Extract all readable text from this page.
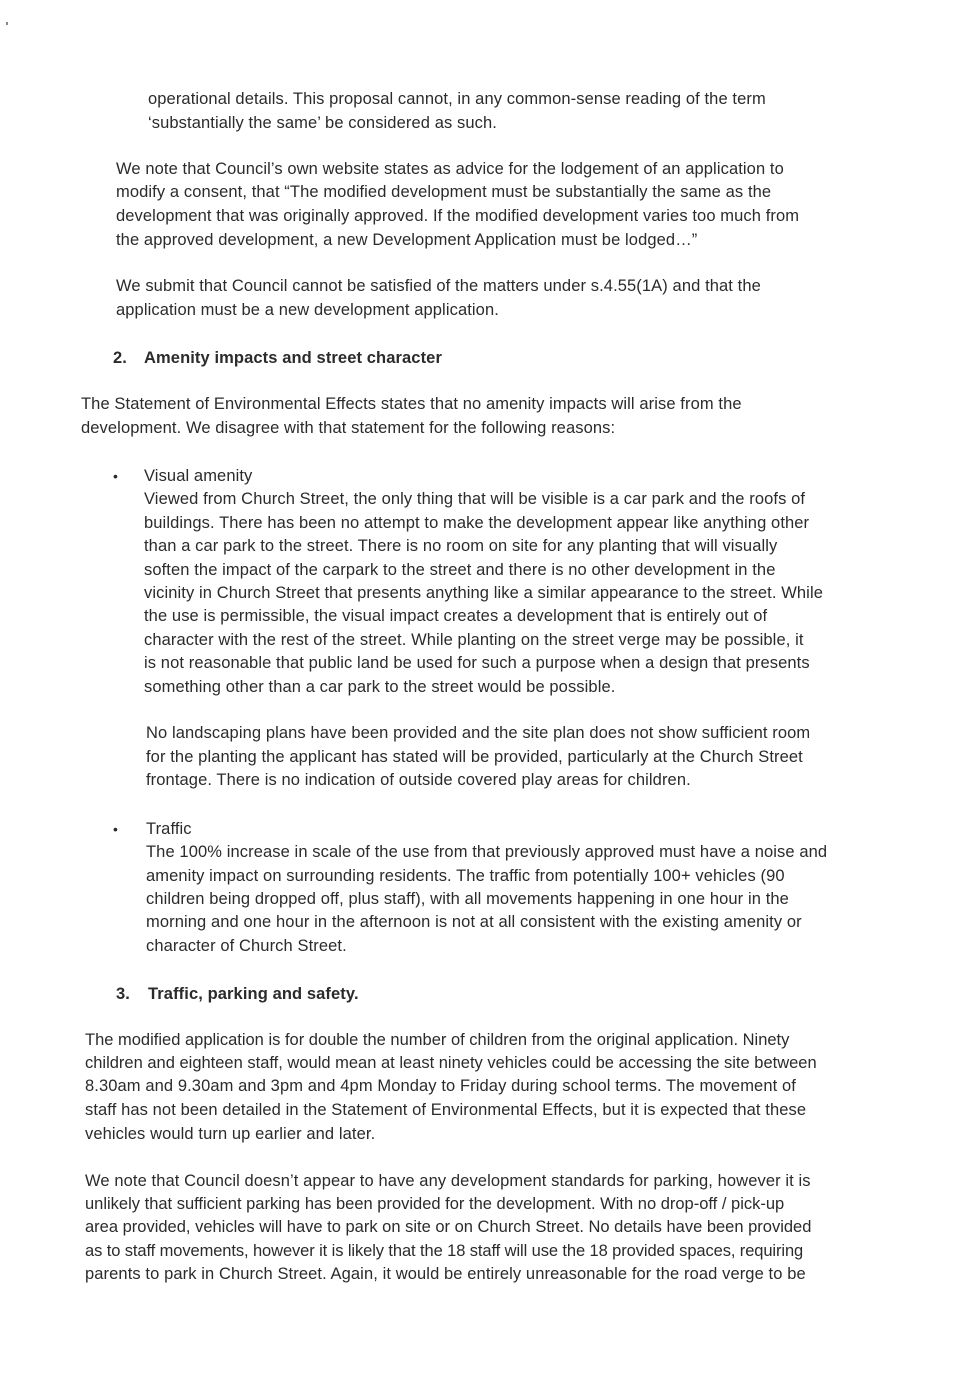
operational details. This proposal cannot, in any common-sense reading of the term
‘substantially the same’ be considered as such.
We note that Council’s own website states as advice for the lodgement of an application to
modify a consent, that “The modified development must be substantially the same as the
development that was originally approved. If the modified development varies too much from
the approved development, a new Development Application must be lodged…”
We submit that Council cannot be satisfied of the matters under s.4.55(1A) and that the
application must be a new development application.
2. Amenity impacts and street character
The Statement of Environmental Effects states that no amenity impacts will arise from the
development. We disagree with that statement for the following reasons:
• Visual amenity
Viewed from Church Street, the only thing that will be visible is a car park and the roofs of
buildings. There has been no attempt to make the development appear like anything other
than a car park to the street. There is no room on site for any planting that will visually
soften the impact of the carpark to the street and there is no other development in the
vicinity in Church Street that presents anything like a similar appearance to the street. While
the use is permissible, the visual impact creates a development that is entirely out of
character with the rest of the street. While planting on the street verge may be possible, it
is not reasonable that public land be used for such a purpose when a design that presents
something other than a car park to the street would be possible.
No landscaping plans have been provided and the site plan does not show sufficient room
for the planting the applicant has stated will be provided, particularly at the Church Street
frontage. There is no indication of outside covered play areas for children.
• Traffic
The 100% increase in scale of the use from that previously approved must have a noise and
amenity impact on surrounding residents. The traffic from potentially 100+ vehicles (90
children being dropped off, plus staff), with all movements happening in one hour in the
morning and one hour in the afternoon is not at all consistent with the existing amenity or
character of Church Street.
3. Traffic, parking and safety.
The modified application is for double the number of children from the original application. Ninety
children and eighteen staff, would mean at least ninety vehicles could be accessing the site between
8.30am and 9.30am and 3pm and 4pm Monday to Friday during school terms. The movement of
staff has not been detailed in the Statement of Environmental Effects, but it is expected that these
vehicles would turn up earlier and later.
We note that Council doesn’t appear to have any development standards for parking, however it is
unlikely that sufficient parking has been provided for the development. With no drop-off / pick-up
area provided, vehicles will have to park on site or on Church Street. No details have been provided
as to staff movements, however it is likely that the 18 staff will use the 18 provided spaces, requiring
parents to park in Church Street. Again, it would be entirely unreasonable for the road verge to be
